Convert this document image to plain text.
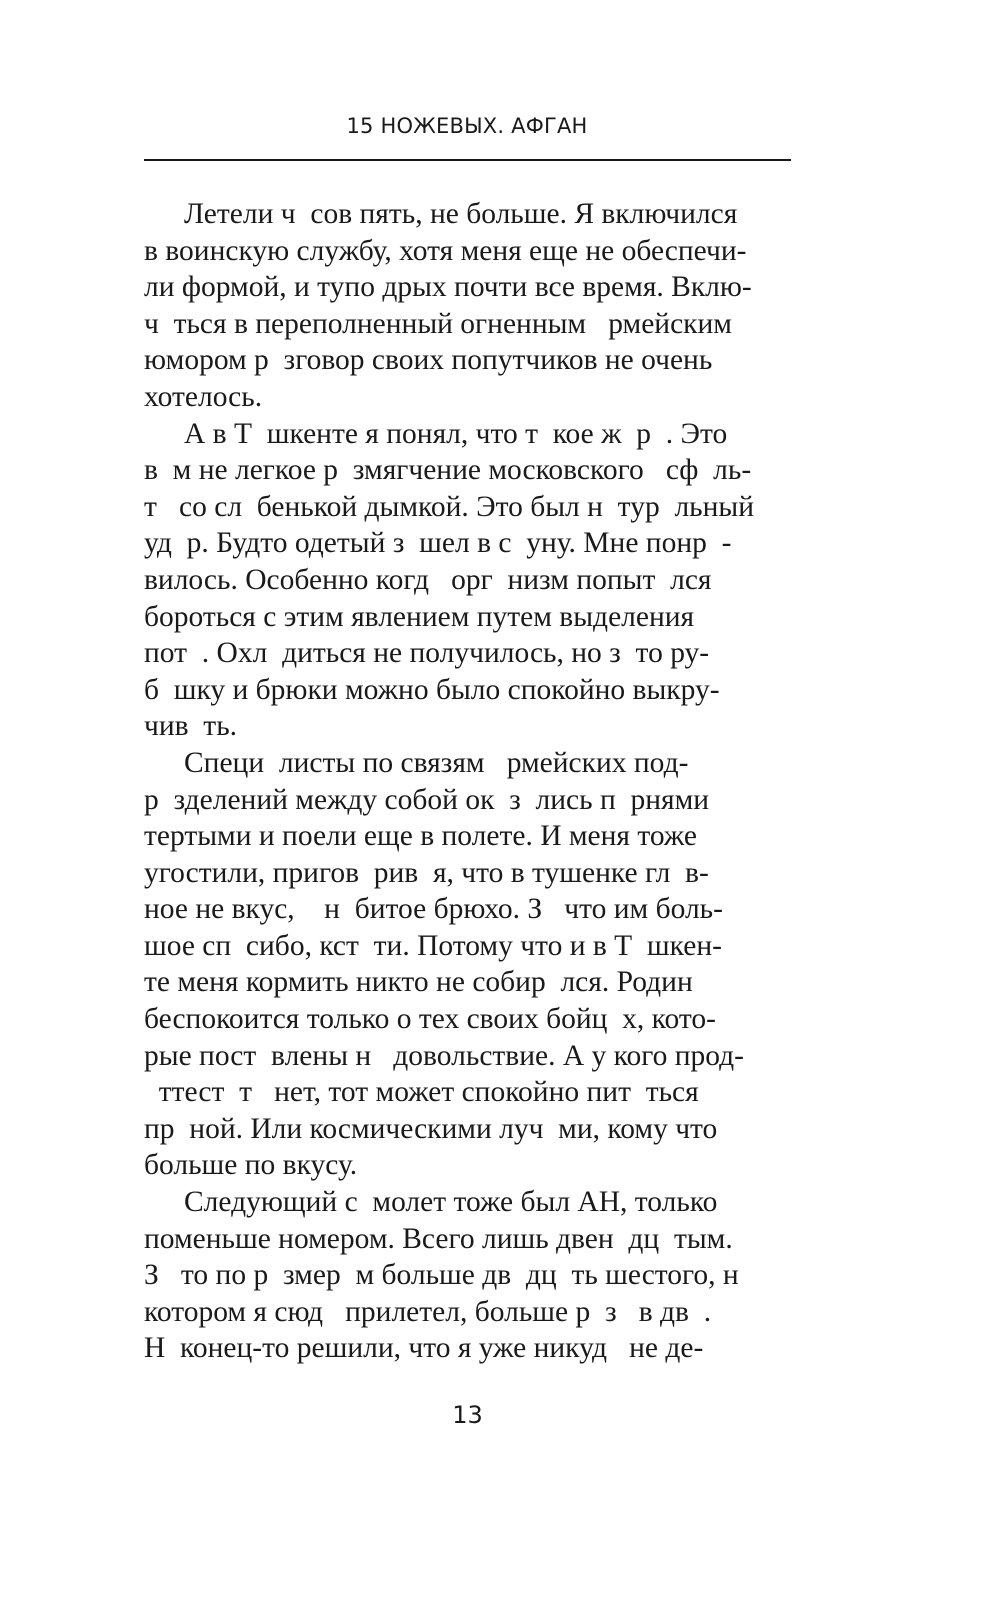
15 НОЖЕВЫХ. АФГАН
Летели ч  сов пять, не больше. Я включился
в воинскую службу, хотя меня еще не обеспечи-
ли формой, и тупо дрых почти все время. Вклю-
ч  ться в переполненный огненным   рмейским
юмором р  зговор своих попутчиков не очень
хотелось.
А в Т  шкенте я понял, что т  кое ж  р  . Это
в  м не легкое р  змягчение московского   сф  ль-
т   со сл  бенькой дымкой. Это был н  тур  льный
уд  р. Будто одетый з  шел в с  уну. Мне понр  -
вилось. Особенно когд   орг  низм попыт  лся
бороться с этим явлением путем выделения
пот  . Охл  диться не получилось, но з  то ру-
б  шку и брюки можно было спокойно выкру-
чив  ть.
Специ  листы по связям   рмейских под-
р  зделений между собой ок  з  лись п  рнями
тертыми и поели еще в полете. И меня тоже
угостили, пригов  рив  я, что в тушенке гл  в-
ное не вкус,    н  битое брюхо. З   что им боль-
шое сп  сибо, кст  ти. Потому что и в Т  шкен-
те меня кормить никто не собир  лся. Родин
беспокоится только о тех своих бойц  х, кото-
рые пост  влены н   довольствие. А у кого прод-
ттест  т   нет, тот может спокойно пит  ться
пр  ной. Или космическими луч  ми, кому что
больше по вкусу.
Следующий с  молет тоже был АН, только
поменьше номером. Всего лишь двен  дц  тым.
З   то по р  змер  м больше дв  дц  ть шестого, н
котором я сюд   прилетел, больше р  з   в дв  .
Н  конец-то решили, что я уже никуд   не де-
13
